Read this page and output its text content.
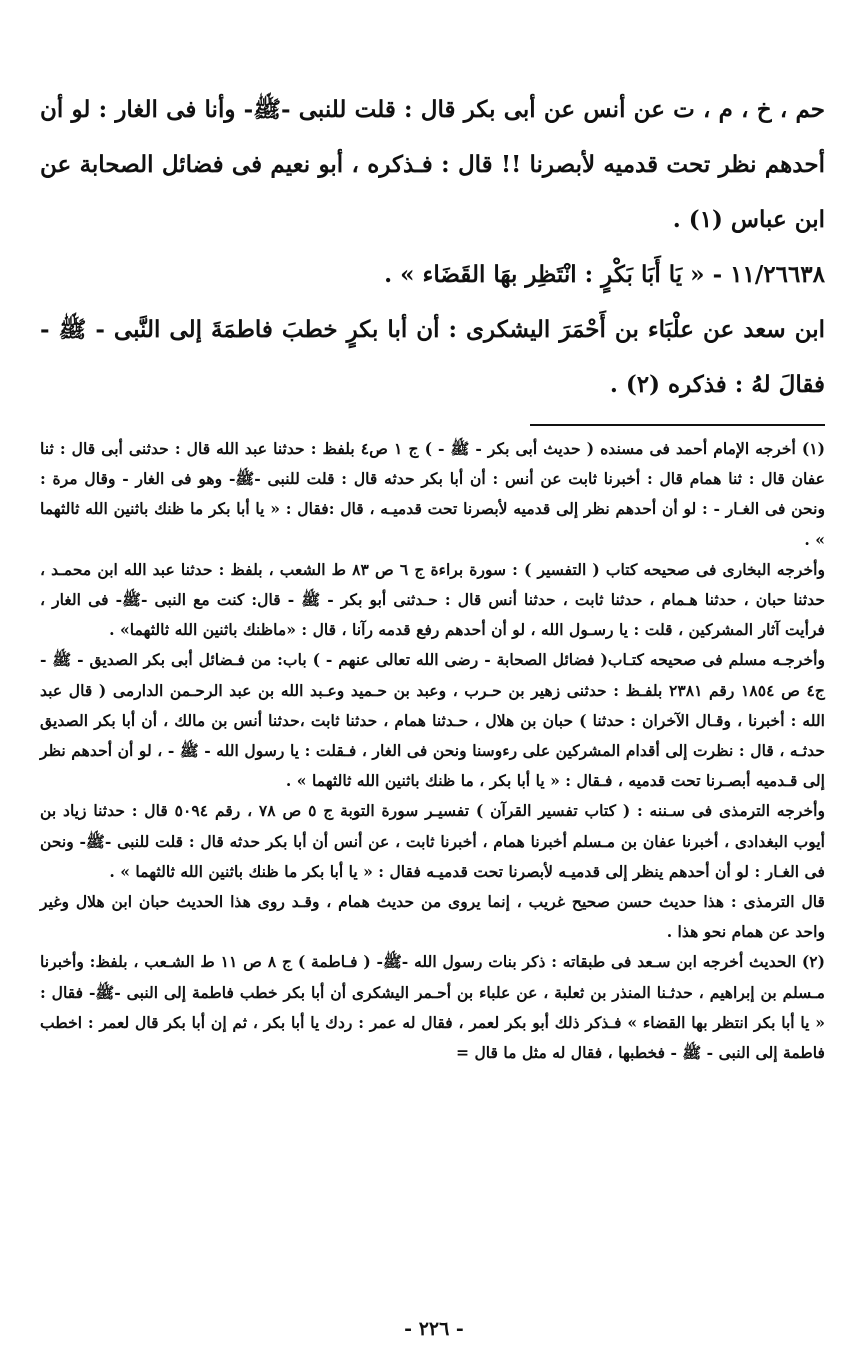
حم ، خ ، م ، ت عن أنس عن أبى بكر قال : قلت للنبى -ﷺ- وأنا فى الغار : لو أن أحدهم نظر تحت قدميه لأبصرنا !! قال : فـذكره ، أبو نعيم فى فضائل الصحابة عن ابن عباس (١) .

١١/٢٦٦٣٨ - « يَا أَبَا بَكْرٍ : انْتَظِر بهَا القَضَاء » .

ابن سعد عن علْبَاء بن أَحْمَرَ اليشكرى : أن أبا بكرٍ خطبَ فاطمَةَ إلى النَّبى - ﷺ - فقالَ لهُ : فذكره (٢) .

(١) أخرجه الإمام أحمد فى مسنده ( حديث أبى بكر - ﷺ - ) ج ١ ص٤ بلفظ : حدثنا عبد الله قال : حدثنى أبى قال : ثنا عفان قال : ثنا همام قال : أخبرنا ثابت عن أنس : أن أبا بكر حدثه قال : قلت للنبى -ﷺ- وهو فى الغار - وقال مرة : ونحن فى الغـار - : لو أن أحدهم نظر إلى قدميه لأبصرنا تحت قدميـه ، قال :فقال : « يا أبا بكر ما ظنك باثنين الله ثالثهما » .

وأخرجه البخارى فى صحيحه كتاب ( التفسير ) : سورة براءة ج ٦ ص ٨٣ ط الشعب ، بلفظ : حدثنا عبد الله ابن محمـد ، حدثنا حبان ، حدثنا هـمام ، حدثنا ثابت ، حدثنا أنس قال : حـدثنى أبو بكر - ﷺ - قال: كنت مع النبى -ﷺ- فى الغار ، فرأيت آثار المشركين ، قلت : يا رسـول الله ، لو أن أحدهم رفع قدمه رآنا ، قال : «ماظنك باثنين الله ثالثهما» .

وأخرجـه مسلم فى صحيحه كتـاب( فضائل الصحابة - رضى الله تعالى عنهم - ) باب: من فـضائل أبى بكر الصديق - ﷺ - ج٤ ص ١٨٥٤ رقم ٢٣٨١ بلفـظ : حدثنى زهير بن حـرب ، وعبد بن حـميد وعـبد الله بن عبد الرحـمن الدارمى ( قال عبد الله : أخبرنا ، وقـال الآخران : حدثنا ) حبان بن هلال ، حـدثنا همام ، حدثنا ثابت ،حدثنا أنس بن مالك ، أن أبا بكر الصديق حدثـه ، قال : نظرت إلى أقدام المشركين على رءوسنا ونحن فى الغار ، فـقلت : يا رسول الله - ﷺ - ، لو أن أحدهم نظر إلى قـدميه أبصـرنا تحت قدميه ، فـقال : « يا أبا بكر ، ما ظنك باثنين الله ثالثهما » .

وأخرجه الترمذى فى سـننه : ( كتاب تفسير القرآن ) تفسيـر سورة التوبة ج ٥ ص ٧٨ ، رقم ٥٠٩٤ قال : حدثنا زياد بن أيوب البغدادى ، أخبرنا عفان بن مـسلم أخبرنا همام ، أخبرنا ثابت ، عن أنس أن أبا بكر حدثه قال : قلت للنبى -ﷺ- ونحن فى الغـار : لو أن أحدهم ينظر إلى قدميـه لأبصرنا تحت قدميـه فقال : « يا أبا بكر ما ظنك باثنين الله ثالثهما » .

قال الترمذى : هذا حديث حسن صحيح غريب ، إنما يروى من حديث همام ، وقـد روى هذا الحديث حبان ابن هلال وغير واحد عن همام نحو هذا .

(٢) الحديث أخرجه ابن سـعد فى طبقاته : ذكر بنات رسول الله -ﷺ- ( فـاطمة ) ج ٨ ص ١١ ط الشـعب ، بلفظ: وأخبرنا مـسلم بن إبراهيم ، حدثـنا المنذر بن ثعلبة ، عن علباء بن أحـمر اليشكرى أن أبا بكر خطب فاطمة إلى النبى -ﷺ- فقال : « يا أبا بكر انتظر بها القضاء » فـذكر ذلك أبو بكر لعمر ، فقال له عمر : ردك يا أبا بكر ، ثم إن أبا بكر قال لعمر : اخطب فاطمة إلى النبى - ﷺ - فخطبها ، فقال له مثل ما قال =

- ٢٢٦ -
